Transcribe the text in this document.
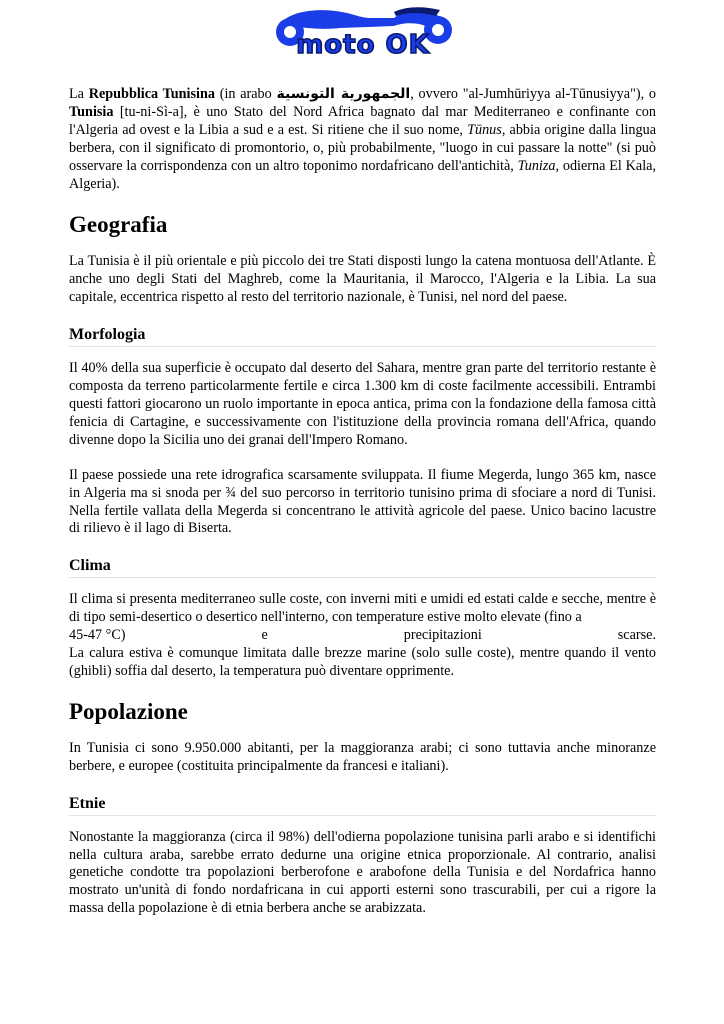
moto OK

La Repubblica Tunisina (in arabo الجمهورية التونسية, ovvero "al-Jumhūriyya al-Tūnusiyya"), o Tunisia [tu-ni-Sì-a], è uno Stato del Nord Africa bagnato dal mar Mediterraneo e confinante con l'Algeria ad ovest e la Libia a sud e a est. Si ritiene che il suo nome, Tūnus, abbia origine dalla lingua berbera, con il significato di promontorio, o, più probabilmente, "luogo in cui passare la notte" (si può osservare la corrispondenza con un altro toponimo nordafricano dell'antichità, Tuniza, odierna El Kala, Algeria).

Geografia

La Tunisia è il più orientale e più piccolo dei tre Stati disposti lungo la catena montuosa dell'Atlante. È anche uno degli Stati del Maghreb, come la Mauritania, il Marocco, l'Algeria e la Libia. La sua capitale, eccentrica rispetto al resto del territorio nazionale, è Tunisi, nel nord del paese.

Morfologia

Il 40% della sua superficie è occupato dal deserto del Sahara, mentre gran parte del territorio restante è composta da terreno particolarmente fertile e circa 1.300 km di coste facilmente accessibili. Entrambi questi fattori giocarono un ruolo importante in epoca antica, prima con la fondazione della famosa città fenicia di Cartagine, e successivamente con l'istituzione della provincia romana dell'Africa, quando divenne dopo la Sicilia uno dei granai dell'Impero Romano.

Il paese possiede una rete idrografica scarsamente sviluppata. Il fiume Megerda, lungo 365 km, nasce in Algeria ma si snoda per ¾ del suo percorso in territorio tunisino prima di sfociare a nord di Tunisi. Nella fertile vallata della Megerda si concentrano le attività agricole del paese. Unico bacino lacustre di rilievo è il lago di Biserta.

Clima

Il clima si presenta mediterraneo sulle coste, con inverni miti e umidi ed estati calde e secche, mentre è di tipo semi-desertico o desertico nell'interno, con temperature estive molto elevate (fino a

45-47 °C)	e	precipitazioni	scarse.

La calura estiva è comunque limitata dalle brezze marine (solo sulle coste), mentre quando il vento (ghibli) soffia dal deserto, la temperatura può diventare opprimente.

Popolazione

In Tunisia ci sono 9.950.000 abitanti, per la maggioranza arabi; ci sono tuttavia anche minoranze berbere, e europee (costituita principalmente da francesi e italiani).

Etnie

Nonostante la maggioranza (circa il 98%) dell'odierna popolazione tunisina parli arabo e si identifichi nella cultura araba, sarebbe errato dedurne una origine etnica proporzionale. Al contrario, analisi genetiche condotte tra popolazioni berberofone e arabofone della Tunisia e del Nordafrica hanno mostrato un'unità di fondo nordafricana in cui apporti esterni sono trascurabili, per cui a rigore la massa della popolazione è di etnia berbera anche se arabizzata.
